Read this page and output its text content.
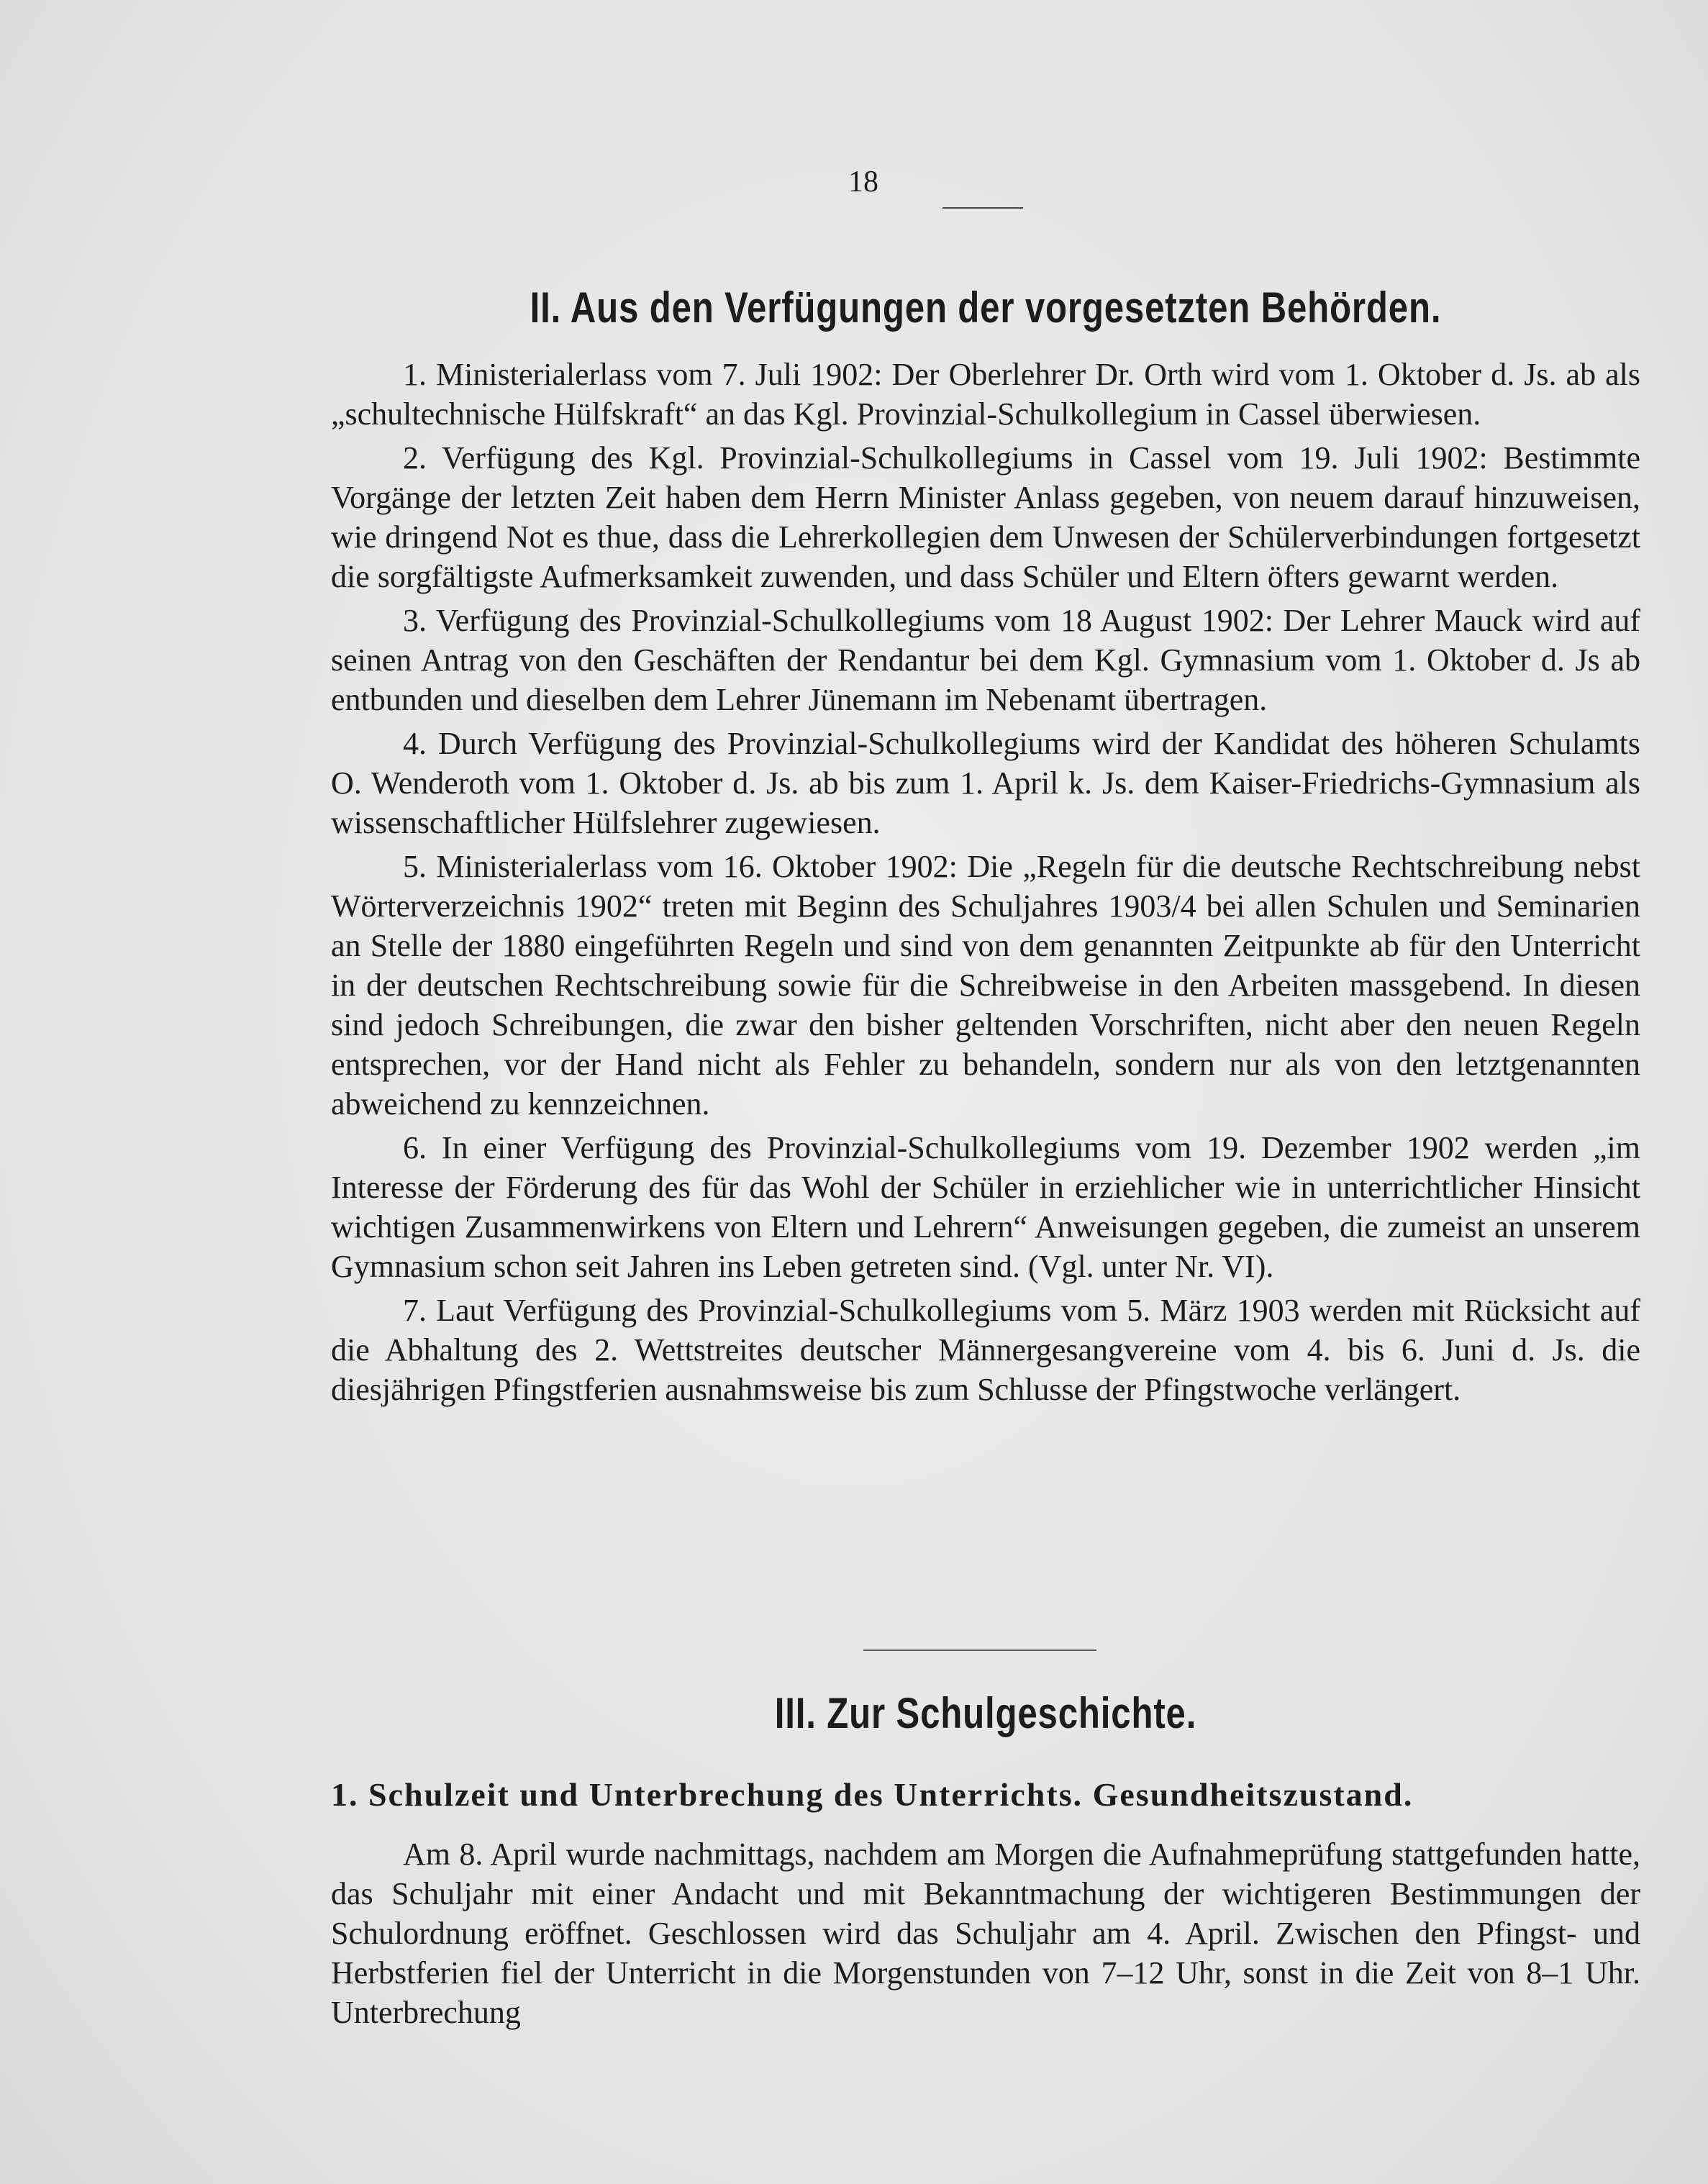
18
II. Aus den Verfügungen der vorgesetzten Behörden.

1. Ministerialerlass vom 7. Juli 1902: Der Oberlehrer Dr. Orth wird vom 1. Oktober d. Js. ab als „schultechnische Hülfskraft“ an das Kgl. Provinzial-Schulkollegium in Cassel überwiesen.

2. Verfügung des Kgl. Provinzial-Schulkollegiums in Cassel vom 19. Juli 1902: Bestimmte Vorgänge der letzten Zeit haben dem Herrn Minister Anlass gegeben, von neuem darauf hinzuweisen, wie dringend Not es thue, dass die Lehrerkollegien dem Unwesen der Schülerverbindungen fortgesetzt die sorgfältigste Aufmerksamkeit zuwenden, und dass Schüler und Eltern öfters gewarnt werden.

3. Verfügung des Provinzial-Schulkollegiums vom 18 August 1902: Der Lehrer Mauck wird auf seinen Antrag von den Geschäften der Rendantur bei dem Kgl. Gymnasium vom 1. Oktober d. Js ab entbunden und dieselben dem Lehrer Jünemann im Nebenamt übertragen.

4. Durch Verfügung des Provinzial-Schulkollegiums wird der Kandidat des höheren Schulamts O. Wenderoth vom 1. Oktober d. Js. ab bis zum 1. April k. Js. dem Kaiser-Friedrichs-Gymnasium als wissenschaftlicher Hülfslehrer zugewiesen.

5. Ministerialerlass vom 16. Oktober 1902: Die „Regeln für die deutsche Rechtschreibung nebst Wörterverzeichnis 1902“ treten mit Beginn des Schuljahres 1903/4 bei allen Schulen und Seminarien an Stelle der 1880 eingeführten Regeln und sind von dem genannten Zeitpunkte ab für den Unterricht in der deutschen Rechtschreibung sowie für die Schreibweise in den Arbeiten massgebend. In diesen sind jedoch Schreibungen, die zwar den bisher geltenden Vorschriften, nicht aber den neuen Regeln entsprechen, vor der Hand nicht als Fehler zu behandeln, sondern nur als von den letztgenannten abweichend zu kennzeichnen.

6. In einer Verfügung des Provinzial-Schulkollegiums vom 19. Dezember 1902 werden „im Interesse der Förderung des für das Wohl der Schüler in erziehlicher wie in unterrichtlicher Hinsicht wichtigen Zusammenwirkens von Eltern und Lehrern“ Anweisungen gegeben, die zumeist an unserem Gymnasium schon seit Jahren ins Leben getreten sind. (Vgl. unter Nr. VI).

7. Laut Verfügung des Provinzial-Schulkollegiums vom 5. März 1903 werden mit Rücksicht auf die Abhaltung des 2. Wettstreites deutscher Männergesangvereine vom 4. bis 6. Juni d. Js. die diesjährigen Pfingstferien ausnahmsweise bis zum Schlusse der Pfingstwoche verlängert.

III. Zur Schulgeschichte.
1. Schulzeit und Unterbrechung des Unterrichts. Gesundheitszustand.

Am 8. April wurde nachmittags, nachdem am Morgen die Aufnahmeprüfung stattgefunden hatte, das Schuljahr mit einer Andacht und mit Bekanntmachung der wichtigeren Bestimmungen der Schulordnung eröffnet. Geschlossen wird das Schuljahr am 4. April. Zwischen den Pfingst- und Herbstferien fiel der Unterricht in die Morgenstunden von 7–12 Uhr, sonst in die Zeit von 8–1 Uhr. Unterbrechung
